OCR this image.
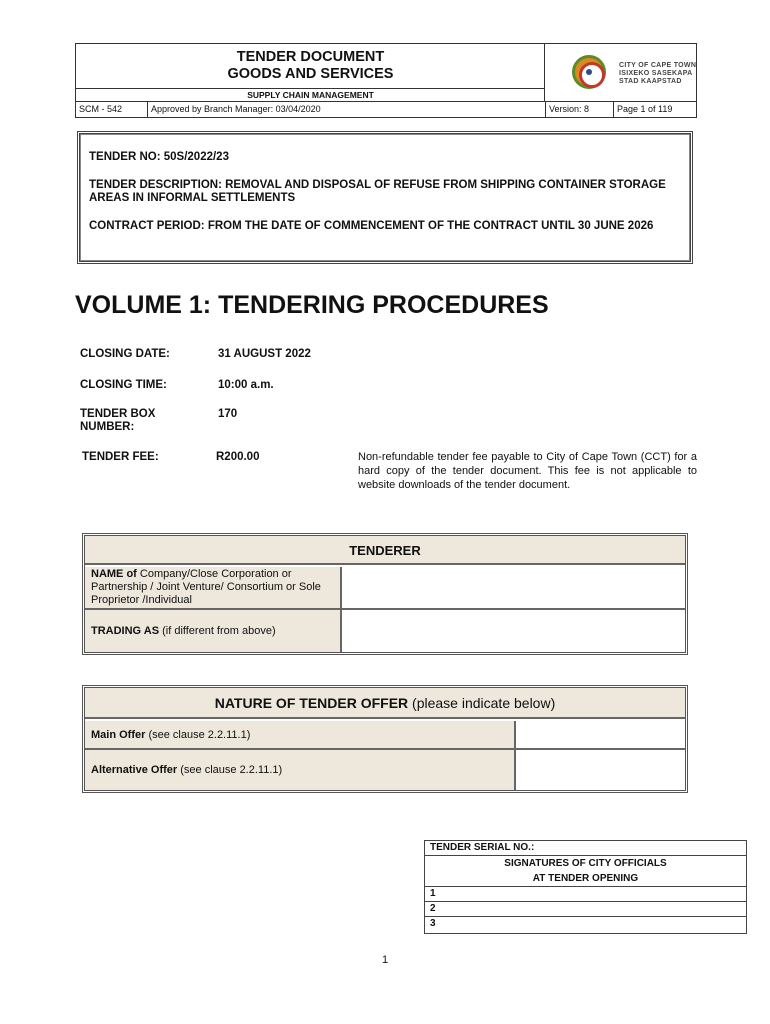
TENDER DOCUMENT
GOODS AND SERVICES
SUPPLY CHAIN MANAGEMENT
CITY OF CAPE TOWN
ISIXEKO SASEKAPA
STAD KAAPSTAD
SCM - 542	Approved by Branch Manager: 03/04/2020	Version: 8	Page 1 of 119
TENDER NO: 50S/2022/23
TENDER DESCRIPTION: REMOVAL AND DISPOSAL OF REFUSE FROM SHIPPING CONTAINER STORAGE AREAS IN INFORMAL SETTLEMENTS
CONTRACT PERIOD: FROM THE DATE OF COMMENCEMENT OF THE CONTRACT UNTIL 30 JUNE 2026
VOLUME 1: TENDERING PROCEDURES
CLOSING DATE:	31 AUGUST 2022
CLOSING TIME:	10:00 a.m.
TENDER BOX
NUMBER:
170
TENDER FEE:	R200.00	Non-refundable tender fee payable to City of Cape Town (CCT) for a hard copy of the tender document. This fee is not applicable to website downloads of the tender document.
TENDERER
NAME of Company/Close Corporation or Partnership / Joint Venture/ Consortium or Sole Proprietor /Individual
TRADING AS (if different from above)
NATURE OF TENDER OFFER (please indicate below)
Main Offer (see clause 2.2.11.1)
Alternative Offer (see clause 2.2.11.1)
TENDER SERIAL NO.:
SIGNATURES OF CITY OFFICIALS
AT TENDER OPENING
1
2
3
1
